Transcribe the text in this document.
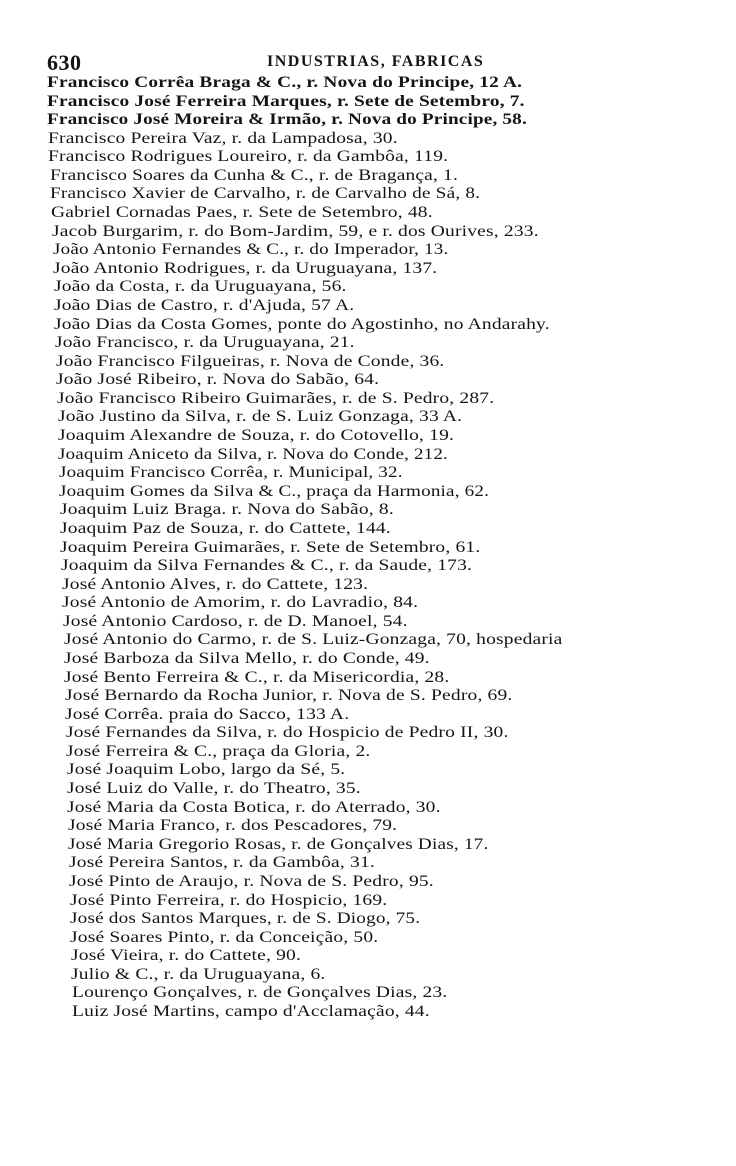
630	INDUSTRIAS, FABRICAS
Francisco Corrêa Braga & C., r. Nova do Principe, 12 A.
Francisco José Ferreira Marques, r. Sete de Setembro, 7.
Francisco José Moreira & Irmão, r. Nova do Principe, 58.
Francisco Pereira Vaz, r. da Lampadosa, 30.
Francisco Rodrigues Loureiro, r. da Gambôa, 119.
Francisco Soares da Cunha & C., r. de Bragança, 1.
Francisco Xavier de Carvalho, r. de Carvalho de Sá, 8.
Gabriel Cornadas Paes, r. Sete de Setembro, 48.
Jacob Burgarim, r. do Bom-Jardim, 59, e r. dos Ourives, 233.
João Antonio Fernandes & C., r. do Imperador, 13.
João Antonio Rodrigues, r. da Uruguayana, 137.
João da Costa, r. da Uruguayana, 56.
João Dias de Castro, r. d'Ajuda, 57 A.
João Dias da Costa Gomes, ponte do Agostinho, no Andarahy.
João Francisco, r. da Uruguayana, 21.
João Francisco Filgueiras, r. Nova de Conde, 36.
João José Ribeiro, r. Nova do Sabão, 64.
João Francisco Ribeiro Guimarães, r. de S. Pedro, 287.
João Justino da Silva, r. de S. Luiz Gonzaga, 33 A.
Joaquim Alexandre de Souza, r. do Cotovello, 19.
Joaquim Aniceto da Silva, r. Nova do Conde, 212.
Joaquim Francisco Corrêa, r. Municipal, 32.
Joaquim Gomes da Silva & C., praça da Harmonia, 62.
Joaquim Luiz Braga. r. Nova do Sabão, 8.
Joaquim Paz de Souza, r. do Cattete, 144.
Joaquim Pereira Guimarães, r. Sete de Setembro, 61.
Joaquim da Silva Fernandes & C., r. da Saude, 173.
José Antonio Alves, r. do Cattete, 123.
José Antonio de Amorim, r. do Lavradio, 84.
José Antonio Cardoso, r. de D. Manoel, 54.
José Antonio do Carmo, r. de S. Luiz-Gonzaga, 70, hospedaria
José Barboza da Silva Mello, r. do Conde, 49.
José Bento Ferreira & C., r. da Misericordia, 28.
José Bernardo da Rocha Junior, r. Nova de S. Pedro, 69.
José Corrêa. praia do Sacco, 133 A.
José Fernandes da Silva, r. do Hospicio de Pedro II, 30.
José Ferreira & C., praça da Gloria, 2.
José Joaquim Lobo, largo da Sé, 5.
José Luiz do Valle, r. do Theatro, 35.
José Maria da Costa Botica, r. do Aterrado, 30.
José Maria Franco, r. dos Pescadores, 79.
José Maria Gregorio Rosas, r. de Gonçalves Dias, 17.
José Pereira Santos, r. da Gambôa, 31.
José Pinto de Araujo, r. Nova de S. Pedro, 95.
José Pinto Ferreira, r. do Hospicio, 169.
José dos Santos Marques, r. de S. Diogo, 75.
José Soares Pinto, r. da Conceição, 50.
José Vieira, r. do Cattete, 90.
Julio & C., r. da Uruguayana, 6.
Lourenço Gonçalves, r. de Gonçalves Dias, 23.
Luiz José Martins, campo d'Acclamação, 44.
